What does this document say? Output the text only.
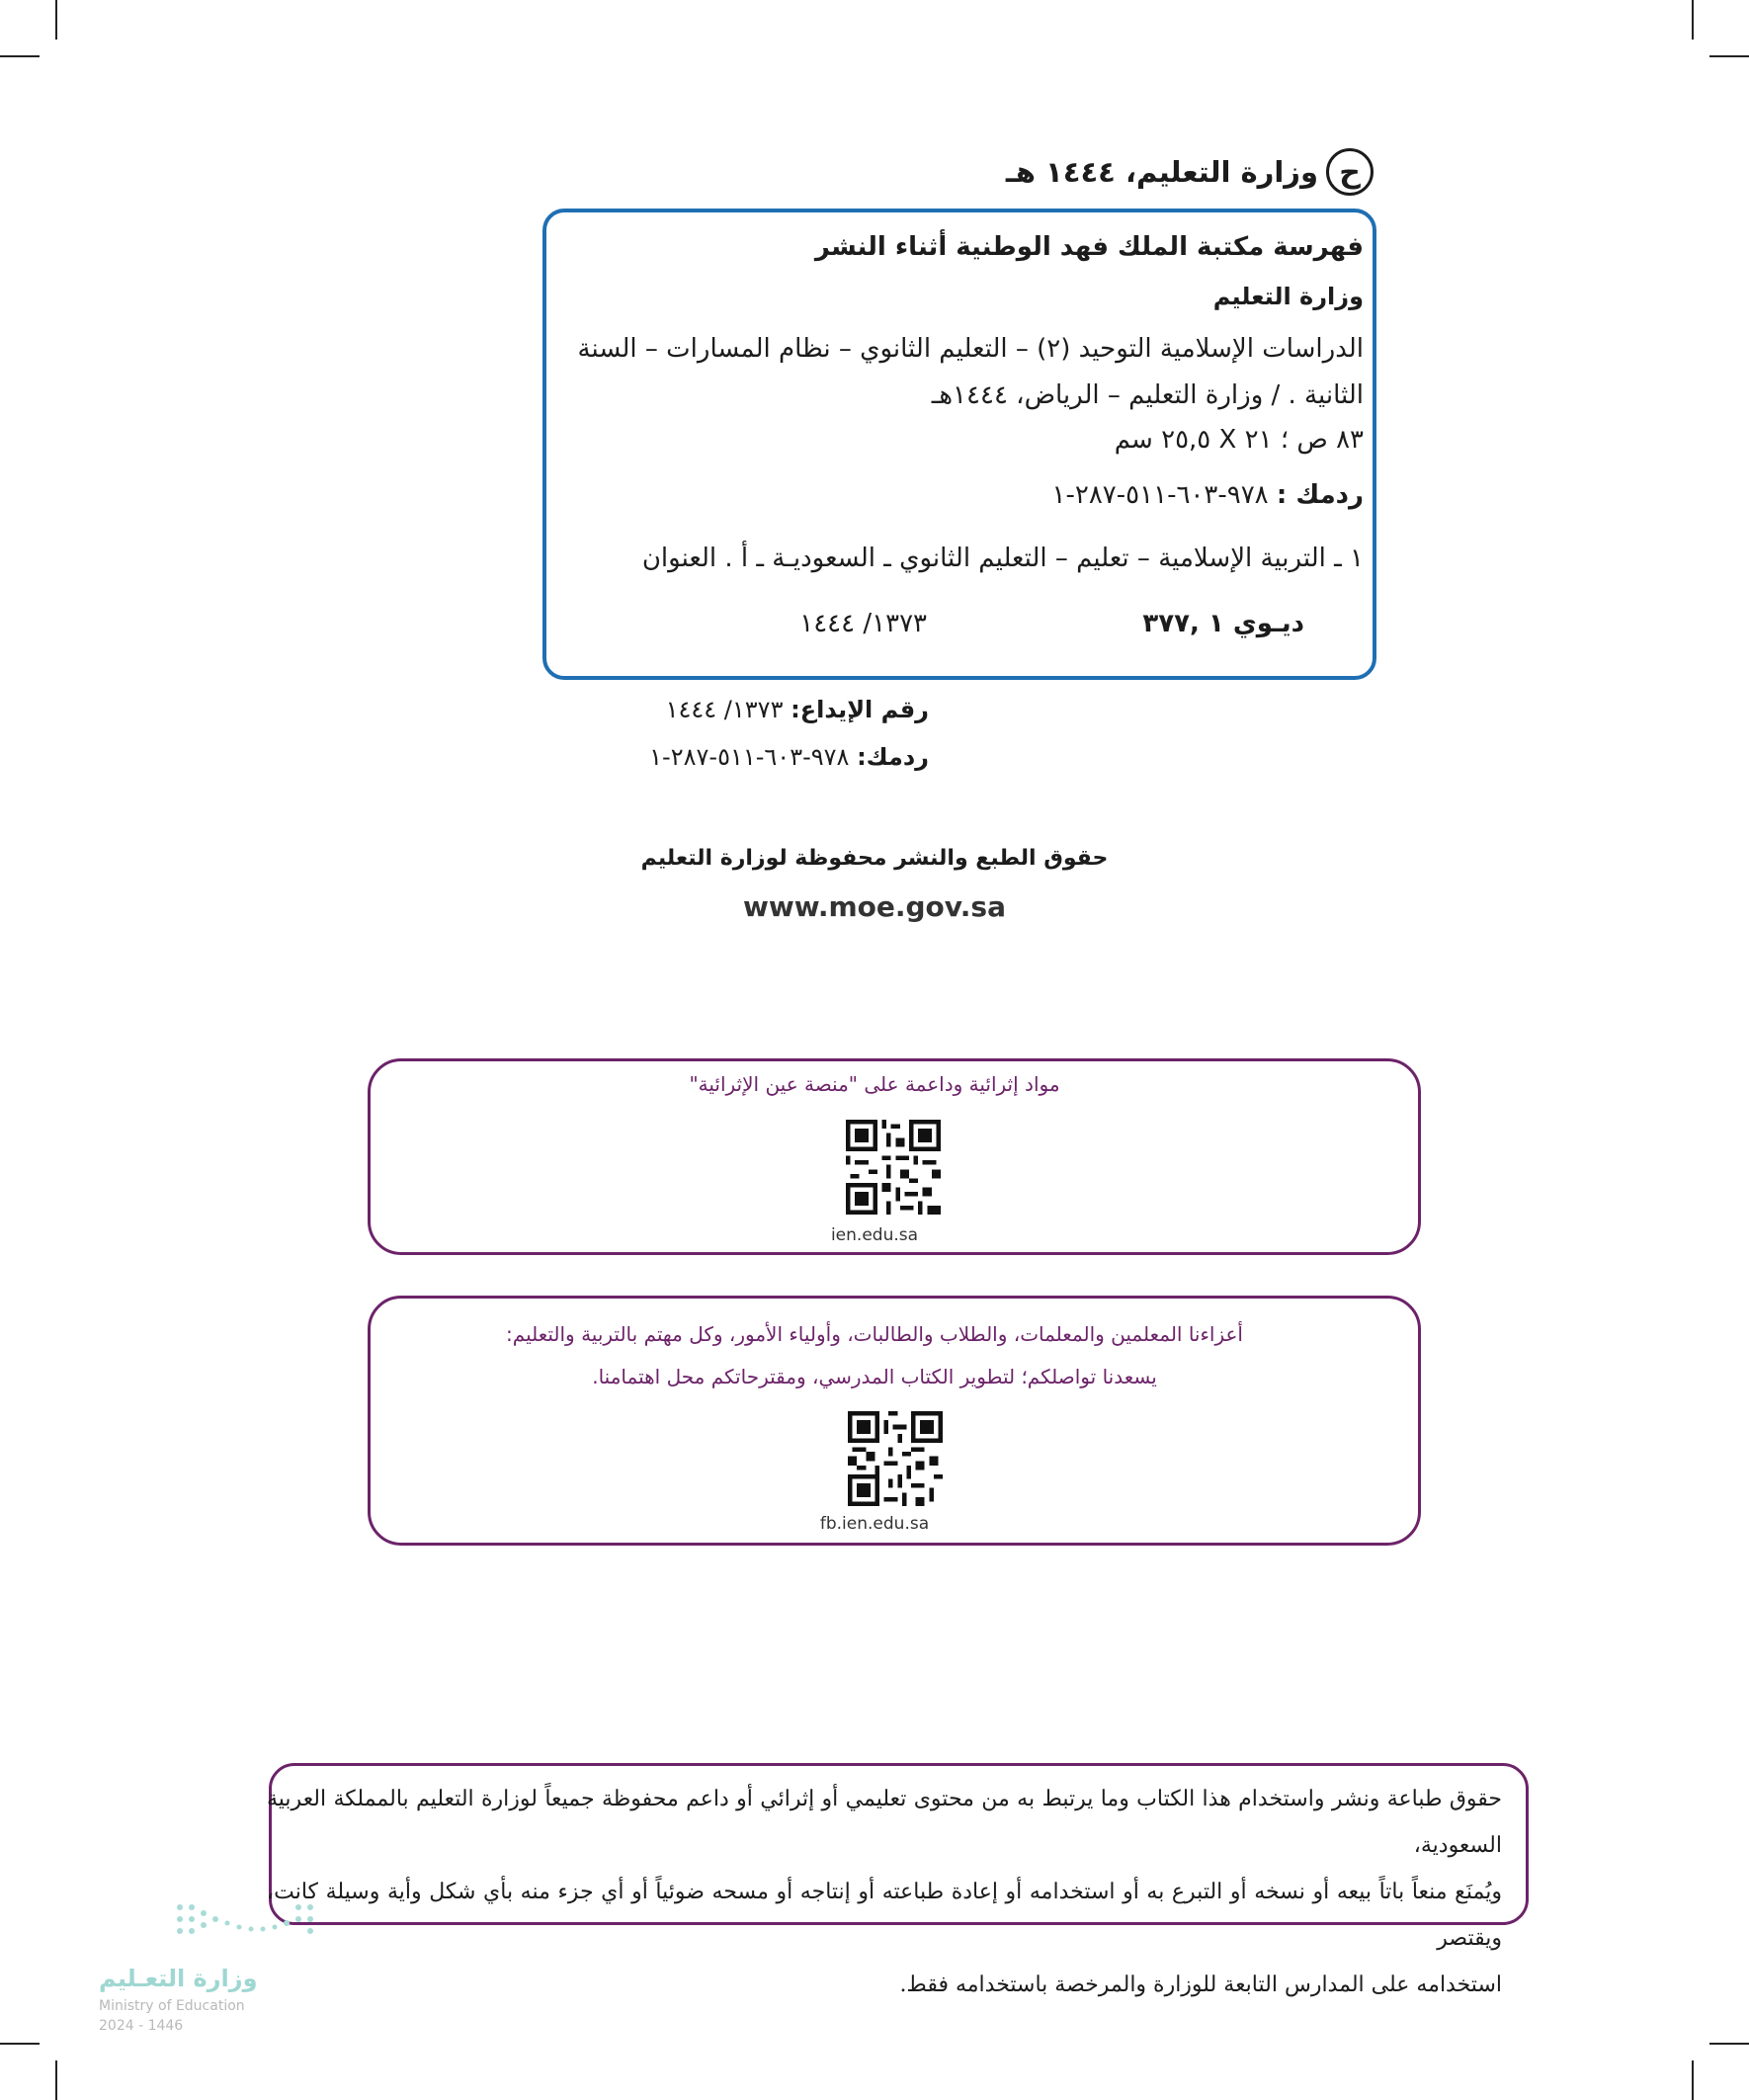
ح
وزارة التعليم، ١٤٤٤ هـ
فهرسة مكتبة الملك فهد الوطنية أثناء النشر
وزارة التعليم
الدراسات الإسلامية التوحيد (٢) – التعليم الثانوي – نظام المسارات – السنة
الثانية . / وزارة التعليم – الرياض، ١٤٤٤هـ
٨٣ ص ؛ ٢١ X ٢٥,٥ سم
ردمك : ٩٧٨-٦٠٣-٥١١-٢٨٧-١
١ ـ التربية الإسلامية – تعليم – التعليم الثانوي ـ السعوديـة ـ أ . العنوان
ديـوي ١ ,٣٧٧
١٣٧٣/ ١٤٤٤
رقم الإيداع: ١٣٧٣/ ١٤٤٤
ردمك: ٩٧٨-٦٠٣-٥١١-٢٨٧-١
حقوق الطبع والنشر محفوظة لوزارة التعليم
www.moe.gov.sa
مواد إثرائية وداعمة على "منصة عين الإثرائية"
ien.edu.sa
أعزاءنا المعلمين والمعلمات، والطلاب والطالبات، وأولياء الأمور، وكل مهتم بالتربية والتعليم:
يسعدنا تواصلكم؛ لتطوير الكتاب المدرسي، ومقترحاتكم محل اهتمامنا.
fb.ien.edu.sa
حقوق طباعة ونشر واستخدام هذا الكتاب وما يرتبط به من محتوى تعليمي أو إثرائي أو داعم محفوظة جميعاً لوزارة التعليم بالمملكة العربية السعودية،
ويُمنَع منعاً باتاً بيعه أو نسخه أو التبرع به أو استخدامه أو إعادة طباعته أو إنتاجه أو مسحه ضوئياً أو أي جزء منه بأي شكل وأية وسيلة كانت، ويقتصر
استخدامه على المدارس التابعة للوزارة والمرخصة باستخدامه فقط.
وزارة التعـليم
Ministry of Education
2024 - 1446
